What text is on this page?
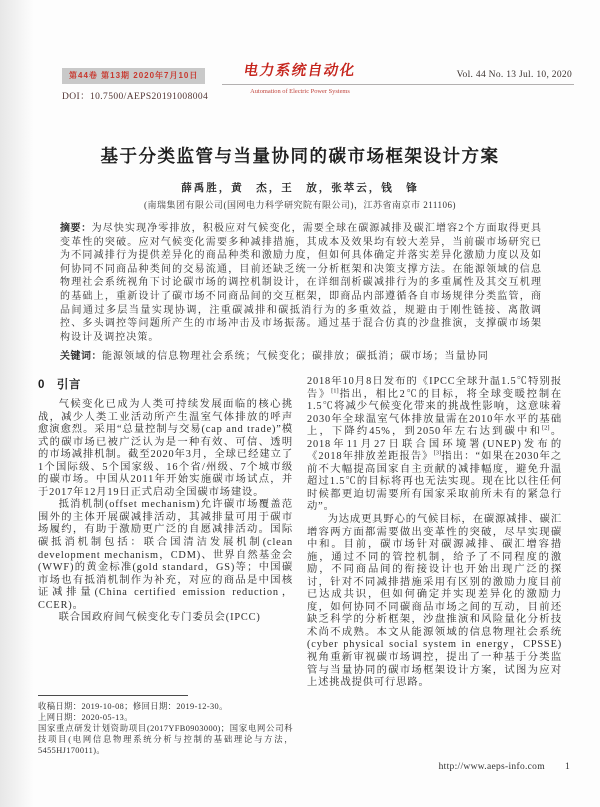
第44卷 第13期 2020年7月10日
DOI：10.7500/AEPS20191008004
电力系统自动化
Automation of Electric Power Systems
Vol. 44 No. 13 Jul. 10, 2020
基于分类监管与当量协同的碳市场框架设计方案
薛禹胜，黄　杰，王　放，张萃云，钱　锋
(南瑞集团有限公司(国网电力科学研究院有限公司)，江苏省南京市 211106)
摘要：为尽快实现净零排放，积极应对气候变化，需要全球在碳源减排及碳汇增容2个方面取得更具变革性的突破。应对气候变化需要多种减排措施，其成本及效果均有较大差异，当前碳市场研究已为不同减排行为提供差异化的商品种类和激励力度，但如何具体确定并落实差异化激励力度以及如何协同不同商品种类间的交易流通，目前还缺乏统一分析框架和决策支撑方法。在能源领域的信息物理社会系统视角下讨论碳市场的调控机制设计，在详细剖析碳减排行为的多重属性及其交互机理的基础上，重新设计了碳市场不同商品间的交互框架，即商品内部遵循各自市场规律分类监管，商品间通过多层当量实现协调，注重碳减排和碳抵消行为的多重效益，规避由于刚性链接、离散调控、多头调控等问题所产生的市场冲击及市场振荡。通过基于混合仿真的沙盘推演，支撑碳市场架构设计及调控决策。
关键词：能源领域的信息物理社会系统；气候变化；碳排放；碳抵消；碳市场；当量协同
0 引言

气候变化已成为人类可持续发展面临的核心挑战，减少人类工业活动所产生温室气体排放的呼声愈演愈烈。采用“总量控制与交易(cap and trade)”模式的碳市场已被广泛认为是一种有效、可信、透明的市场减排机制。截至2020年3月，全球已经建立了1个国际级、5个国家级、16个省/州级、7个城市级的碳市场。中国从2011年开始实施碳市场试点，并于2017年12月19日正式启动全国碳市场建设。

抵消机制(offset mechanism)允许碳市场覆盖范围外的主体开展碳减排活动，其减排量可用于碳市场履约，有助于激励更广泛的自愿减排活动。国际碳抵消机制包括：联合国清洁发展机制(clean development mechanism，CDM)、世界自然基金会(WWF)的黄金标准(gold standard，GS)等；中国碳市场也有抵消机制作为补充，对应的商品是中国核证减排量(China certified emission reduction，CCER)。

联合国政府间气候变化专门委员会(IPCC)

收稿日期：2019-10-08；修回日期：2019-12-30。
上网日期：2020-05-13。
国家重点研发计划资助项目(2017YFB0903000)；国家电网公司科技项目(电网信息物理系统分析与控制的基础理论与方法，5455HJ170011)。

2018年10月8日发布的《IPCC全球升温1.5℃特别报告》[1]指出，相比2℃的目标，将全球变暖控制在1.5℃将减少气候变化带来的挑战性影响，这意味着2030年全球温室气体排放量需在2010年水平的基础上，下降约45%，到2050年左右达到碳中和[2]。2018年11月27日联合国环境署(UNEP)发布的《2018年排放差距报告》[3]指出：“如果在2030年之前不大幅提高国家自主贡献的减排幅度，避免升温超过1.5℃的目标将再也无法实现。现在比以往任何时候都更迫切需要所有国家采取前所未有的紧急行动”。

为达成更具野心的气候目标，在碳源减排、碳汇增容两方面都需要做出变革性的突破，尽早实现碳中和。目前，碳市场针对碳源减排、碳汇增容措施，通过不同的管控机制，给予了不同程度的激励，不同商品间的衔接设计也开始出现广泛的探讨，针对不同减排措施采用有区别的激励力度目前已达成共识，但如何确定并实现差异化的激励力度，如何协同不同碳商品市场之间的互动，目前还缺乏科学的分析框架，沙盘推演和风险量化分析技术尚不成熟。本文从能源领域的信息物理社会系统(cyber physical social system in energy，CPSSE)视角重新审视碳市场调控，提出了一种基于分类监管与当量协同的碳市场框架设计方案，试图为应对上述挑战提供可行思路。

http://www.aeps-info.com 1
